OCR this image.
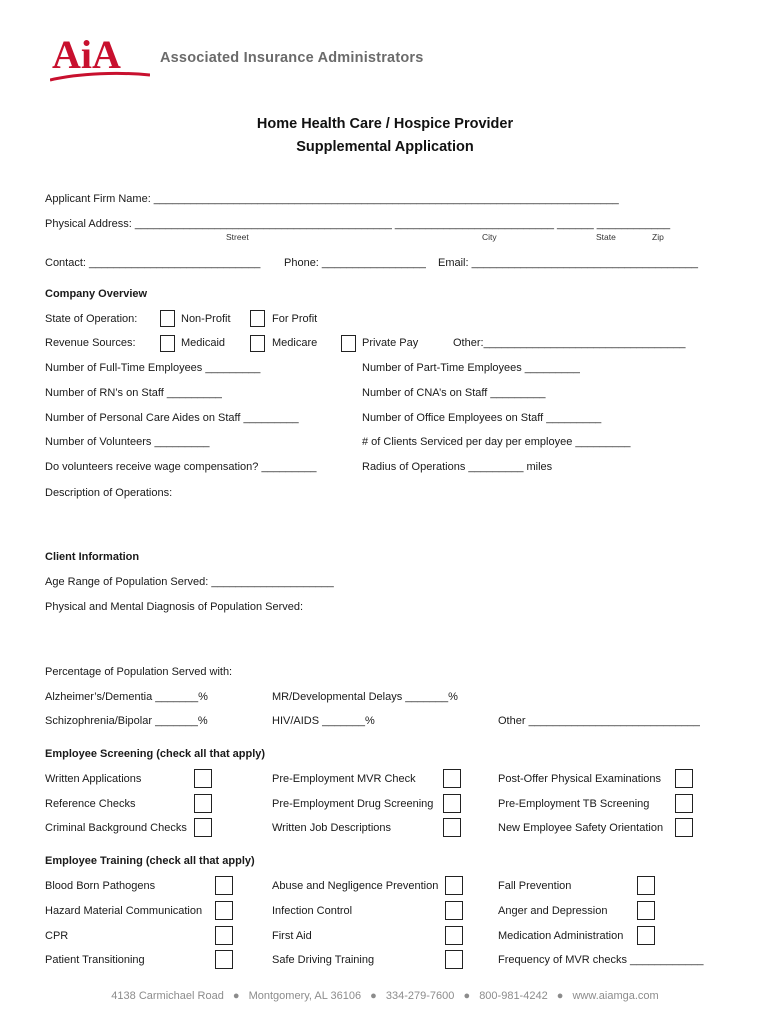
AiA	Associated Insurance Administrators
Home Health Care / Hospice Provider
Supplemental Application
Applicant Firm Name: ____________________________________________________________________________
Physical Address: __________________________________________ __________________________ ______ ____________
Street	City	State	Zip
Contact: ____________________________ Phone: _________________ Email: _____________________________________
Company Overview
State of Operation:	Non-Profit	For Profit
Revenue Sources:	Medicaid	Medicare	Private Pay	Other:_________________________________
Number of Full-Time Employees _________	Number of Part-Time Employees _________
Number of RN’s on Staff _________	Number of CNA’s on Staff _________
Number of Personal Care Aides on Staff _________	Number of Office Employees on Staff _________
Number of Volunteers _________	# of Clients Serviced per day per employee _________
Do volunteers receive wage compensation? _________	Radius of Operations _________ miles
Description of Operations:
Client Information
Age Range of Population Served: ____________________
Physical and Mental Diagnosis of Population Served:
Percentage of Population Served with:
Alzheimer’s/Dementia _______%	MR/Developmental Delays _______%
Schizophrenia/Bipolar _______%	HIV/AIDS _______%	Other ____________________________
Employee Screening (check all that apply)
Written Applications	Pre-Employment MVR Check	Post-Offer Physical Examinations
Reference Checks	Pre-Employment Drug Screening	Pre-Employment TB Screening
Criminal Background Checks	Written Job Descriptions	New Employee Safety Orientation
Employee Training (check all that apply)
Blood Born Pathogens	Abuse and Negligence Prevention	Fall Prevention
Hazard Material Communication	Infection Control	Anger and Depression
CPR	First Aid	Medication Administration
Patient Transitioning	Safe Driving Training	Frequency of MVR checks ____________
4138 Carmichael Road ● Montgomery, AL 36106 ● 334-279-7600 ● 800-981-4242 ● www.aiamga.com
